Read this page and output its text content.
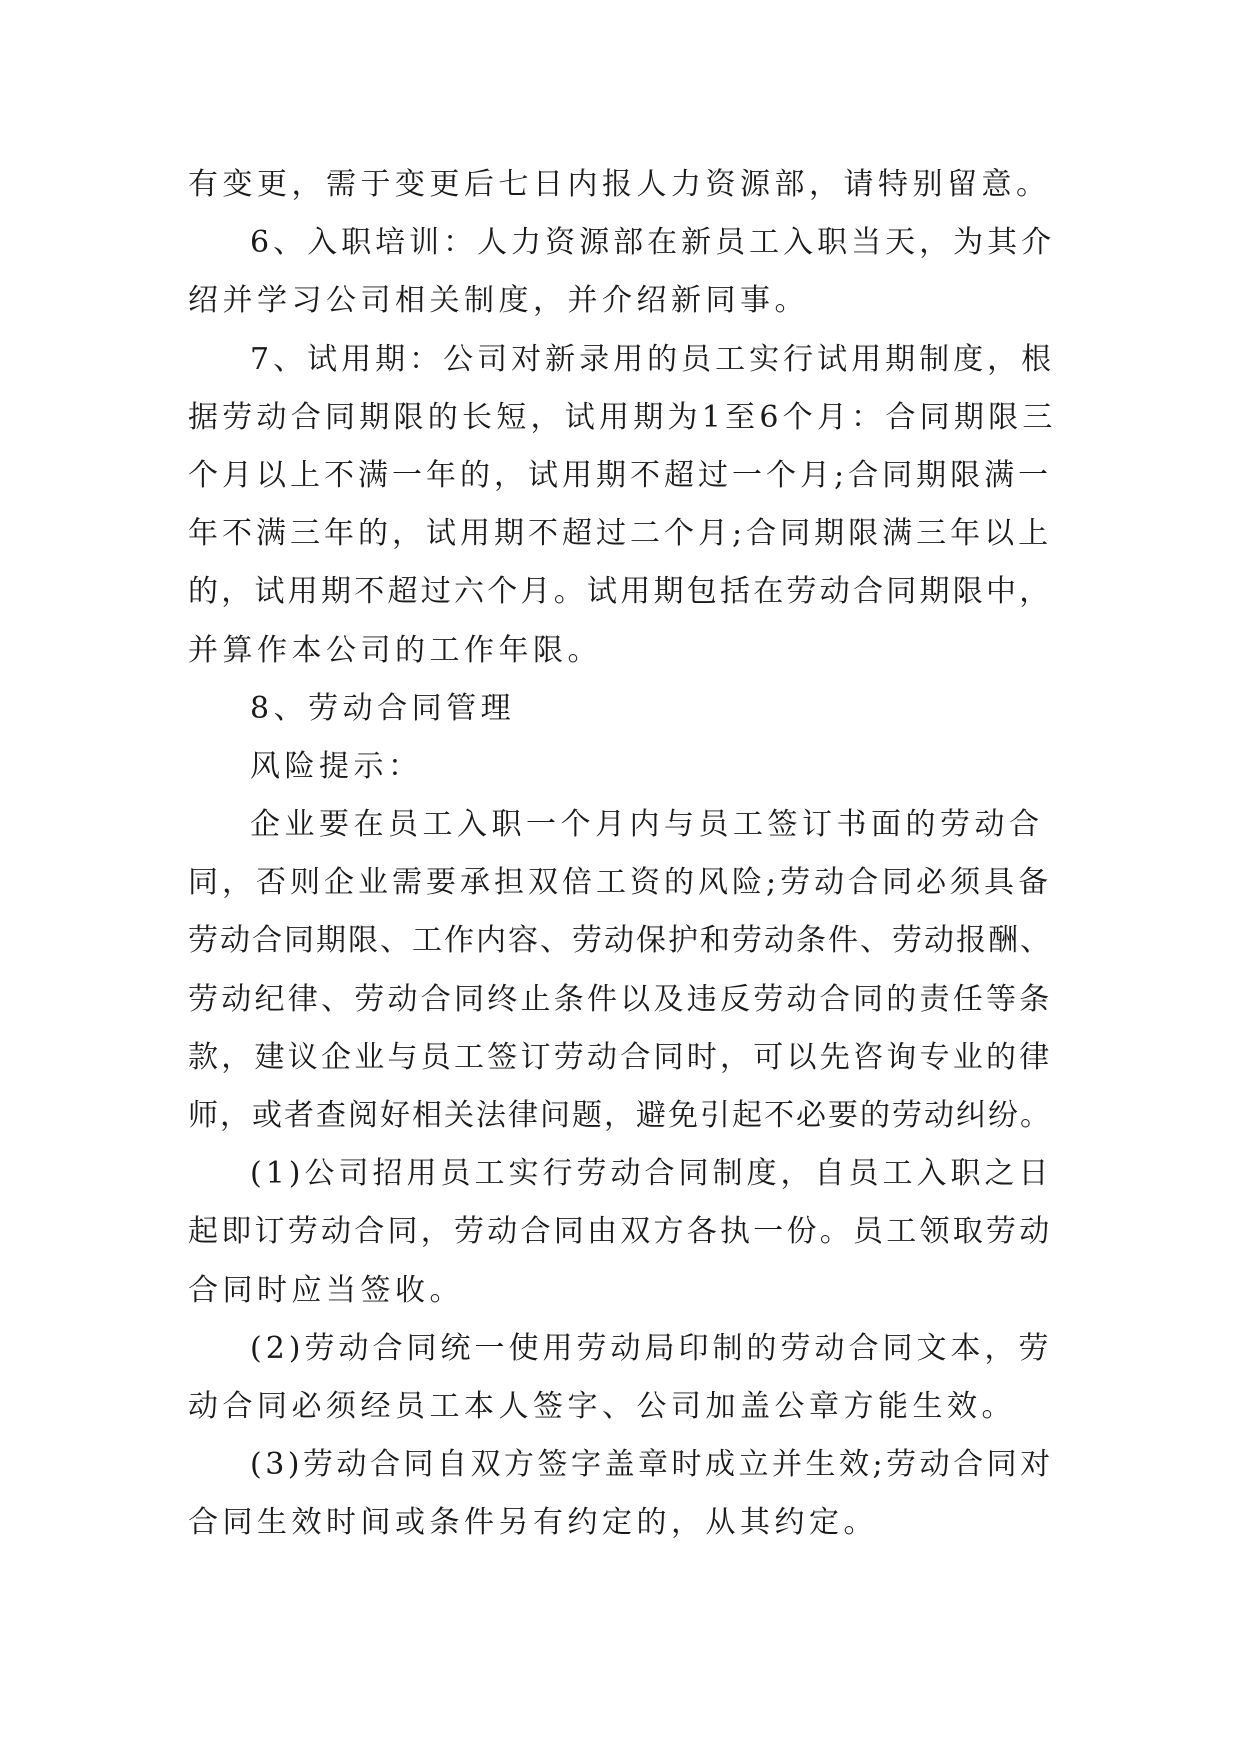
有变更，需于变更后七日内报人力资源部，请特别留意。
6、入职培训：人力资源部在新员工入职当天，为其介
绍并学习公司相关制度，并介绍新同事。
7、试用期：公司对新录用的员工实行试用期制度，根
据劳动合同期限的长短，试用期为1至6个月：合同期限三
个月以上不满一年的，试用期不超过一个月;合同期限满一
年不满三年的，试用期不超过二个月;合同期限满三年以上
的，试用期不超过六个月。试用期包括在劳动合同期限中，
并算作本公司的工作年限。
8、劳动合同管理
风险提示：
企业要在员工入职一个月内与员工签订书面的劳动合
同，否则企业需要承担双倍工资的风险;劳动合同必须具备
劳动合同期限、工作内容、劳动保护和劳动条件、劳动报酬、
劳动纪律、劳动合同终止条件以及违反劳动合同的责任等条
款，建议企业与员工签订劳动合同时，可以先咨询专业的律
师，或者查阅好相关法律问题，避免引起不必要的劳动纠纷。
(1)公司招用员工实行劳动合同制度，自员工入职之日
起即订劳动合同，劳动合同由双方各执一份。员工领取劳动
合同时应当签收。
(2)劳动合同统一使用劳动局印制的劳动合同文本，劳
动合同必须经员工本人签字、公司加盖公章方能生效。
(3)劳动合同自双方签字盖章时成立并生效;劳动合同对
合同生效时间或条件另有约定的，从其约定。
